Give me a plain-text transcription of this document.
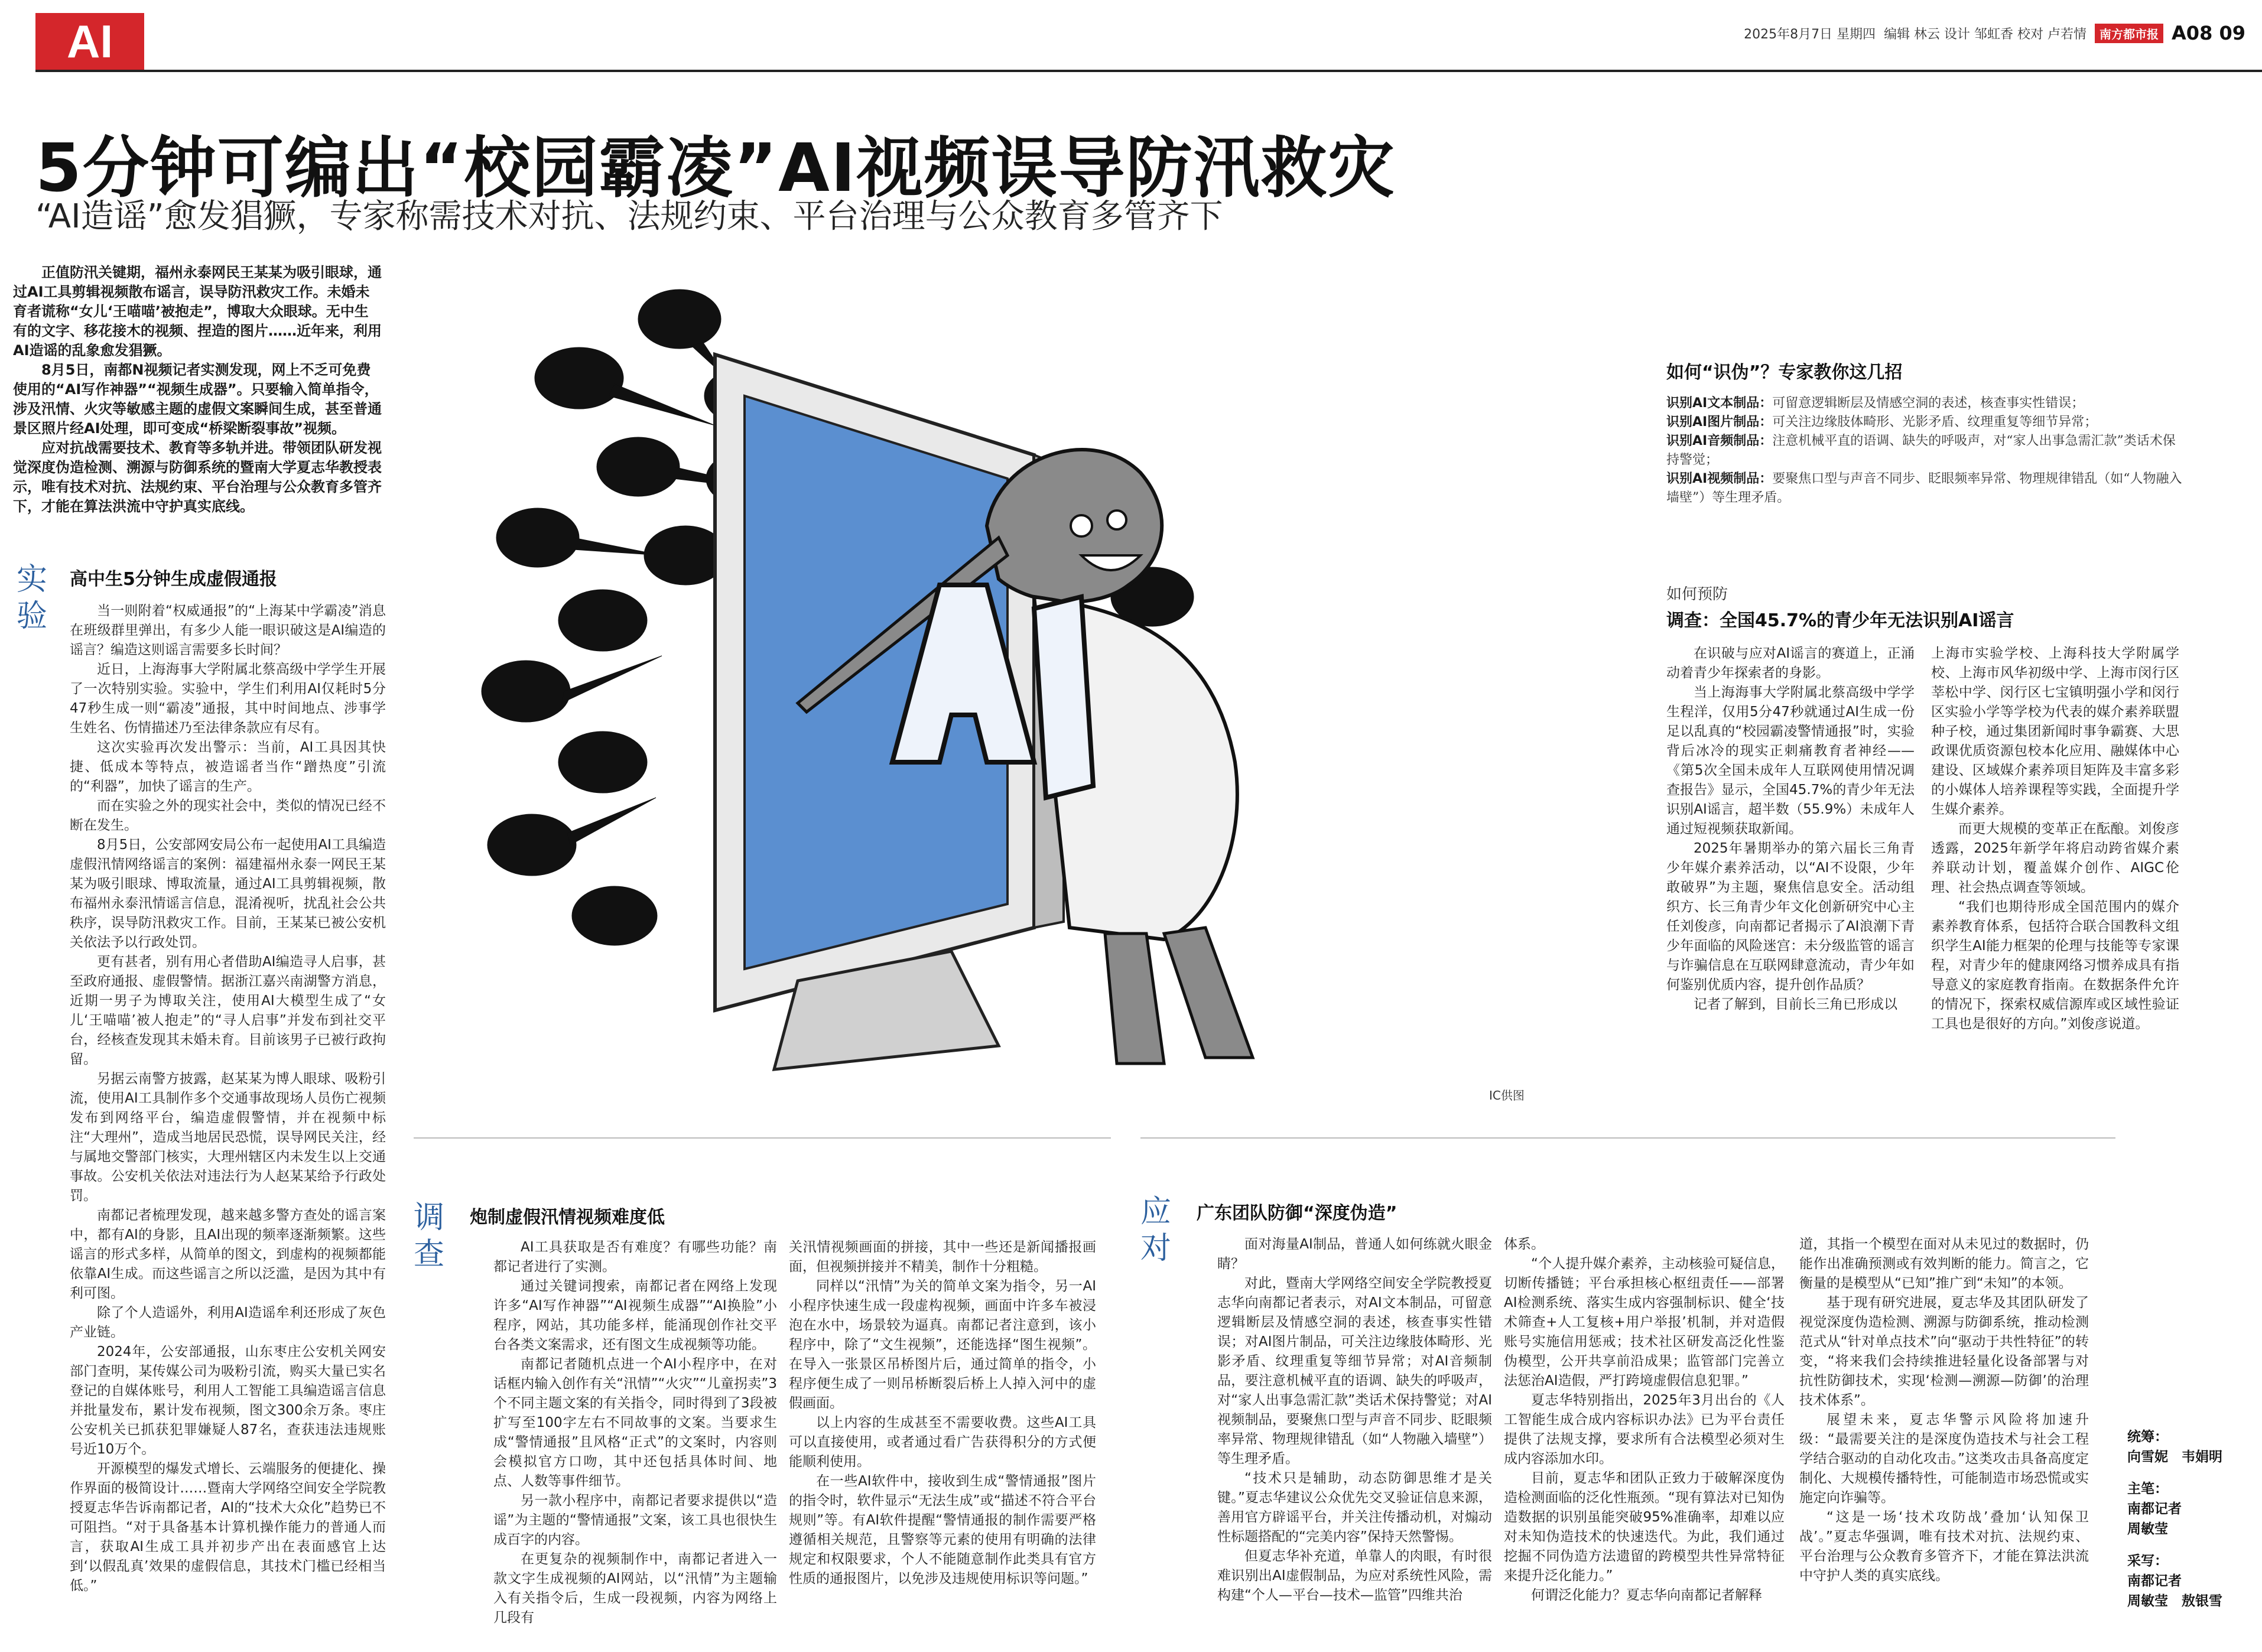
AI	2025年8月7日 星期四 编辑 林云 设计 邹虹香 校对 卢若情	南方都市报 A08 09
5分钟可编出“校园霸凌”AI视频误导防汛救灾
“AI造谣”愈发猖獗，专家称需技术对抗、法规约束、平台治理与公众教育多管齐下

正值防汛关键期，福州永泰网民王某某为吸引眼球，通过AI工具剪辑视频散布谣言，误导防汛救灾工作。未婚未育者谎称“女儿‘王喵喵’被抱走”，博取大众眼球。无中生有的文字、移花接木的视频、捏造的图片……近年来，利用AI造谣的乱象愈发猖獗。

8月5日，南都N视频记者实测发现，网上不乏可免费使用的“AI写作神器”“视频生成器”。只要输入简单指令，涉及汛情、火灾等敏感主题的虚假文案瞬间生成，甚至普通景区照片经AI处理，即可变成“桥梁断裂事故”视频。

应对抗战需要技术、教育等多轨并进。带领团队研发视觉深度伪造检测、溯源与防御系统的暨南大学夏志华教授表示，唯有技术对抗、法规约束、平台治理与公众教育多管齐下，才能在算法洪流中守护真实底线。

实验
高中生5分钟生成虚假通报

当一则附着“权威通报”的“上海某中学霸凌”消息在班级群里弹出，有多少人能一眼识破这是AI编造的谣言？编造这则谣言需要多长时间？

近日，上海海事大学附属北蔡高级中学学生开展了一次特别实验。实验中，学生们利用AI仅耗时5分47秒生成一则“霸凌”通报，其中时间地点、涉事学生姓名、伤情描述乃至法律条款应有尽有。

这次实验再次发出警示：当前，AI工具因其快捷、低成本等特点，被造谣者当作“蹭热度”引流的“利器”，加快了谣言的生产。

而在实验之外的现实社会中，类似的情况已经不断在发生。

8月5日，公安部网安局公布一起使用AI工具编造虚假汛情网络谣言的案例：福建福州永泰一网民王某某为吸引眼球、博取流量，通过AI工具剪辑视频，散布福州永泰汛情谣言信息，混淆视听，扰乱社会公共秩序，误导防汛救灾工作。目前，王某某已被公安机关依法予以行政处罚。

更有甚者，别有用心者借助AI编造寻人启事，甚至政府通报、虚假警情。据浙江嘉兴南湖警方消息，近期一男子为博取关注，使用AI大模型生成了“女儿‘王喵喵’被人抱走”的“寻人启事”并发布到社交平台，经核查发现其未婚未育。目前该男子已被行政拘留。

另据云南警方披露，赵某某为博人眼球、吸粉引流，使用AI工具制作多个交通事故现场人员伤亡视频发布到网络平台，编造虚假警情，并在视频中标注“大理州”，造成当地居民恐慌，误导网民关注，经与属地交警部门核实，大理州辖区内未发生以上交通事故。公安机关依法对违法行为人赵某某给予行政处罚。

南都记者梳理发现，越来越多警方查处的谣言案中，都有AI的身影，且AI出现的频率逐渐频繁。这些谣言的形式多样，从简单的图文，到虚构的视频都能依靠AI生成。而这些谣言之所以泛滥，是因为其中有利可图。

除了个人造谣外，利用AI造谣牟利还形成了灰色产业链。

2024年，公安部通报，山东枣庄公安机关网安部门查明，某传媒公司为吸粉引流，购买大量已实名登记的自媒体账号，利用人工智能工具编造谣言信息并批量发布，累计发布视频，图文300余万条。枣庄公安机关已抓获犯罪嫌疑人87名，查获违法违规账号近10万个。

开源模型的爆发式增长、云端服务的便捷化、操作界面的极简设计……暨南大学网络空间安全学院教授夏志华告诉南都记者，AI的“技术大众化”趋势已不可阻挡。“对于具备基本计算机操作能力的普通人而言，获取AI生成工具并初步产出在表面感官上达到‘以假乱真’效果的虚假信息，其技术门槛已经相当低。”

IC供图
如何“识伪”？专家教你这几招
识别AI文本制品：可留意逻辑断层及情感空洞的表述，核查事实性错误；
识别AI图片制品：可关注边缘肢体畸形、光影矛盾、纹理重复等细节异常；
识别AI音频制品：注意机械平直的语调、缺失的呼吸声，对“家人出事急需汇款”类话术保持警觉；
识别AI视频制品：要聚焦口型与声音不同步、眨眼频率异常、物理规律错乱（如“人物融入墙壁”）等生理矛盾。
如何预防
调查：全国45.7%的青少年无法识别AI谣言

在识破与应对AI谣言的赛道上，正涌动着青少年探索者的身影。

当上海海事大学附属北蔡高级中学学生程洋，仅用5分47秒就通过AI生成一份足以乱真的“校园霸凌警情通报”时，实验背后冰冷的现实正刺痛教育者神经——《第5次全国未成年人互联网使用情况调查报告》显示，全国45.7%的青少年无法识别AI谣言，超半数（55.9%）未成年人通过短视频获取新闻。

2025年暑期举办的第六届长三角青少年媒介素养活动，以“AI不设限，少年敢破界”为主题，聚焦信息安全。活动组织方、长三角青少年文化创新研究中心主任刘俊彦，向南都记者揭示了AI浪潮下青少年面临的风险迷宫：未分级监管的谣言与诈骗信息在互联网肆意流动，青少年如何鉴别优质内容，提升创作品质？

记者了解到，目前长三角已形成以

上海市实验学校、上海科技大学附属学校、上海市风华初级中学、上海市闵行区莘松中学、闵行区七宝镇明强小学和闵行区实验小学等学校为代表的媒介素养联盟种子校，通过集团新闻时事争霸赛、大思政课优质资源包校本化应用、融媒体中心建设、区域媒介素养项目矩阵及丰富多彩的小媒体人培养课程等实践，全面提升学生媒介素养。

而更大规模的变革正在酝酿。刘俊彦透露，2025年新学年将启动跨省媒介素养联动计划，覆盖媒介创作、AIGC伦理、社会热点调查等领域。

“我们也期待形成全国范围内的媒介素养教育体系，包括符合联合国教科文组织学生AI能力框架的伦理与技能等专家课程，对青少年的健康网络习惯养成具有指导意义的家庭教育指南。在数据条件允许的情况下，探索权威信源库或区域性验证工具也是很好的方向。”刘俊彦说道。

调查
炮制虚假汛情视频难度低

AI工具获取是否有难度？有哪些功能？南都记者进行了实测。

通过关键词搜索，南都记者在网络上发现许多“AI写作神器”“AI视频生成器”“AI换脸”小程序，网站，其功能多样，能涌现创作社交平台各类文案需求，还有图文生成视频等功能。

南都记者随机点进一个AI小程序中，在对话框内输入创作有关“汛情”“火灾”“儿童拐卖”3个不同主题文案的有关指令，同时得到了3段被扩写至100字左右不同故事的文案。当要求生成“警情通报”且风格“正式”的文案时，内容则会模拟官方口吻，其中还包括具体时间、地点、人数等事件细节。

另一款小程序中，南都记者要求提供以“造谣”为主题的“警情通报”文案，该工具也很快生成百字的内容。

在更复杂的视频制作中，南都记者进入一款文字生成视频的AI网站，以“汛情”为主题输入有关指令后，生成一段视频，内容为网络上几段有

关汛情视频画面的拼接，其中一些还是新闻播报画面，但视频拼接并不精美，制作十分粗糙。

同样以“汛情”为关的简单文案为指令，另一AI小程序快速生成一段虚构视频，画面中许多车被浸泡在水中，场景较为逼真。南都记者注意到，该小程序中，除了“文生视频”，还能选择“图生视频”。在导入一张景区吊桥图片后，通过简单的指令，小程序便生成了一则吊桥断裂后桥上人掉入河中的虚假画面。

以上内容的生成甚至不需要收费。这些AI工具可以直接使用，或者通过看广告获得积分的方式便能顺利使用。

在一些AI软件中，接收到生成“警情通报”图片的指令时，软件显示“无法生成”或“描述不符合平台规则”等。有AI软件提醒“警情通报的制作需要严格遵循相关规范，且警察等元素的使用有明确的法律规定和权限要求，个人不能随意制作此类具有官方性质的通报图片，以免涉及违规使用标识等问题。”

应对
广东团队防御“深度伪造”

面对海量AI制品，普通人如何练就火眼金睛？

对此，暨南大学网络空间安全学院教授夏志华向南都记者表示，对AI文本制品，可留意逻辑断层及情感空洞的表述，核查事实性错误；对AI图片制品，可关注边缘肢体畸形、光影矛盾、纹理重复等细节异常；对AI音频制品，要注意机械平直的语调、缺失的呼吸声，对“家人出事急需汇款”类话术保持警觉；对AI视频制品，要聚焦口型与声音不同步、眨眼频率异常、物理规律错乱（如“人物融入墙壁”）等生理矛盾。

“技术只是辅助，动态防御思维才是关键。”夏志华建议公众优先交叉验证信息来源，善用官方辟谣平台，并关注传播动机，对煽动性标题搭配的“完美内容”保持天然警惕。

但夏志华补充道，单靠人的肉眼，有时很难识别出AI虚假制品，为应对系统性风险，需构建“个人—平台—技术—监管”四维共治

体系。

“个人提升媒介素养，主动核验可疑信息，切断传播链；平台承担核心枢纽责任——部署AI检测系统、落实生成内容强制标识、健全‘技术筛查+人工复核+用户举报’机制，并对造假账号实施信用惩戒；技术社区研发高泛化性鉴伪模型，公开共享前沿成果；监管部门完善立法惩治AI造假，严打跨境虚假信息犯罪。”

夏志华特别指出，2025年3月出台的《人工智能生成合成内容标识办法》已为平台责任提供了法规支撑，要求所有合法模型必须对生成内容添加水印。

目前，夏志华和团队正致力于破解深度伪造检测面临的泛化性瓶颈。“现有算法对已知伪造数据的识别虽能突破95%准确率，却难以应对未知伪造技术的快速迭代。为此，我们通过挖掘不同伪造方法遗留的跨模型共性异常特征来提升泛化能力。”

何谓泛化能力？夏志华向南都记者解释

道，其指一个模型在面对从未见过的数据时，仍能作出准确预测或有效判断的能力。简言之，它衡量的是模型从“已知”推广到“未知”的本领。

基于现有研究进展，夏志华及其团队研发了视觉深度伪造检测、溯源与防御系统，推动检测范式从“针对单点技术”向“驱动于共性特征”的转变，“将来我们会持续推进轻量化设备部署与对抗性防御技术，实现‘检测—溯源—防御’的治理技术体系”。

展望未来，夏志华警示风险将加速升级：“最需要关注的是深度伪造技术与社会工程学结合驱动的自动化攻击。”这类攻击具备高度定制化、大规模传播特性，可能制造市场恐慌或实施定向诈骗等。

“这是一场‘技术攻防战’叠加‘认知保卫战’。”夏志华强调，唯有技术对抗、法规约束、平台治理与公众教育多管齐下，才能在算法洪流中守护人类的真实底线。

统筹：
向雪妮　韦娟明
主笔：
南都记者
周敏莹
采写：
南都记者
周敏莹　敖银雪
